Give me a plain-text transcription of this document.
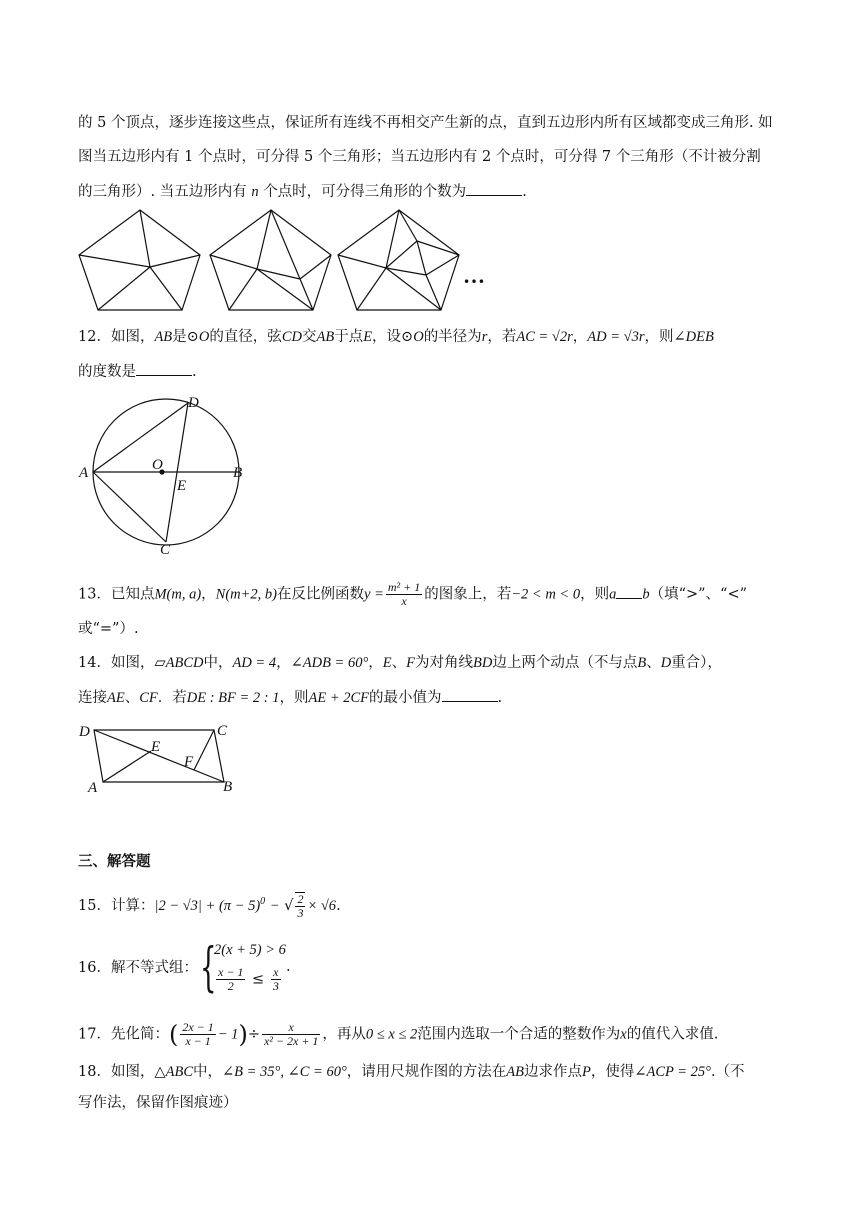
的 5 个顶点，逐步连接这些点，保证所有连线不再相交产生新的点，直到五边形内所有区域都变成三角形. 如
图当五边形内有 1 个点时，可分得 5 个三角形；当五边形内有 2 个点时，可分得 7 个三角形（不计被分割
的三角形）. 当五边形内有 n 个点时，可分得三角形的个数为	.
…
12．如图，AB是⊙O的直径，弦CD交AB于点E，设⊙O的半径为r，若AC = √2r，AD = √3r，则∠DEB
的度数是	.
A	B
C
D
E
O
13．已知点M(m, a)，N(m+2, b)在反比例函数$y = \frac{\text{m² + 1}}{x}$ 的图象上，若−2 < m < 0，则a b（填“>”、“<”
或“=”）.
14．如图，▱ABCD中，AD = 4，∠ADB = 60°，E、F为对角线BD边上两个动点（不与点B、D重合），
连接AE、CF．若DE : BF = 2 : 1，则AE + 2CF的最小值为	.
D	C
A	B
E
F
三、解答题
15．计算：$|2 - √3| + (\pi - 5)^0$ − √ $\frac{2}{3} \times √6$.
16．解不等式组： {
2(x + 5) > 6
$\frac{x - 1}{2} \le \frac{x}{3}$ .
17．先化简：( $\frac{2x - 1}{x - 1} - 1)\div \frac{x}{\text{x² − 2x + 1}}$ ，再从0 ≤ x ≤ 2范围内选取一个合适的整数作为x的值代入求值.
18．如图，△ABC中，∠B = 35°, ∠C = 60°，请用尺规作图的方法在AB边求作点P，使得∠ACP = 25°.（不
写作法，保留作图痕迹）
